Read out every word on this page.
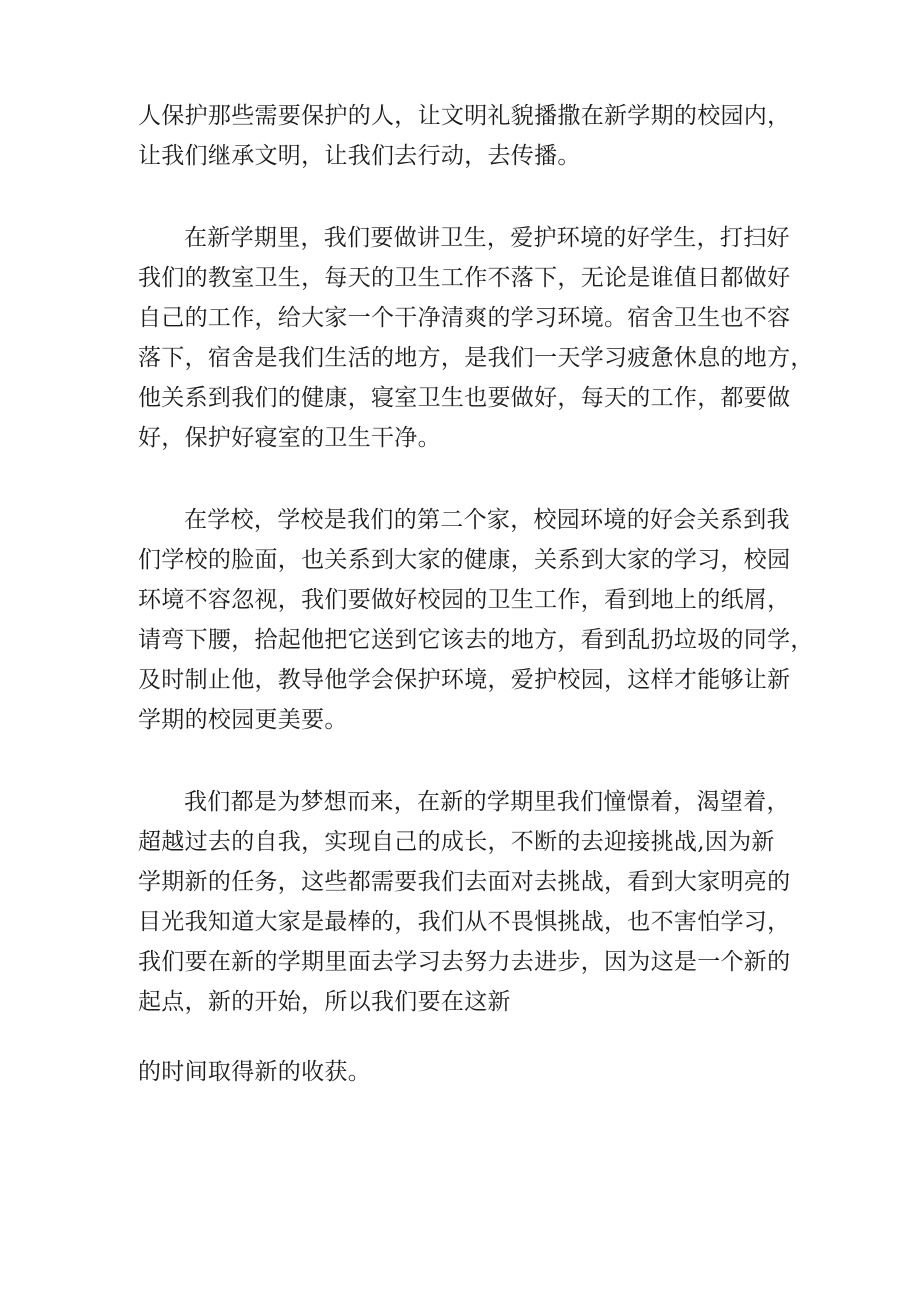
人保护那些需要保护的人，让文明礼貌播撒在新学期的校园内，
让我们继承文明，让我们去行动，去传播。

在新学期里，我们要做讲卫生，爱护环境的好学生，打扫好
我们的教室卫生，每天的卫生工作不落下，无论是谁值日都做好
自己的工作，给大家一个干净清爽的学习环境。宿舍卫生也不容
落下，宿舍是我们生活的地方，是我们一天学习疲惫休息的地方，
他关系到我们的健康，寝室卫生也要做好，每天的工作，都要做
好，保护好寝室的卫生干净。

在学校，学校是我们的第二个家，校园环境的好会关系到我
们学校的脸面，也关系到大家的健康，关系到大家的学习，校园
环境不容忽视，我们要做好校园的卫生工作，看到地上的纸屑，
请弯下腰，拾起他把它送到它该去的地方，看到乱扔垃圾的同学，
及时制止他，教导他学会保护环境，爱护校园，这样才能够让新
学期的校园更美要。

我们都是为梦想而来，在新的学期里我们憧憬着，渴望着，
超越过去的自我，实现自己的成长，不断的去迎接挑战,因为新
学期新的任务，这些都需要我们去面对去挑战，看到大家明亮的
目光我知道大家是最棒的，我们从不畏惧挑战，也不害怕学习，
我们要在新的学期里面去学习去努力去进步，因为这是一个新的
起点，新的开始，所以我们要在这新

的时间取得新的收获。
